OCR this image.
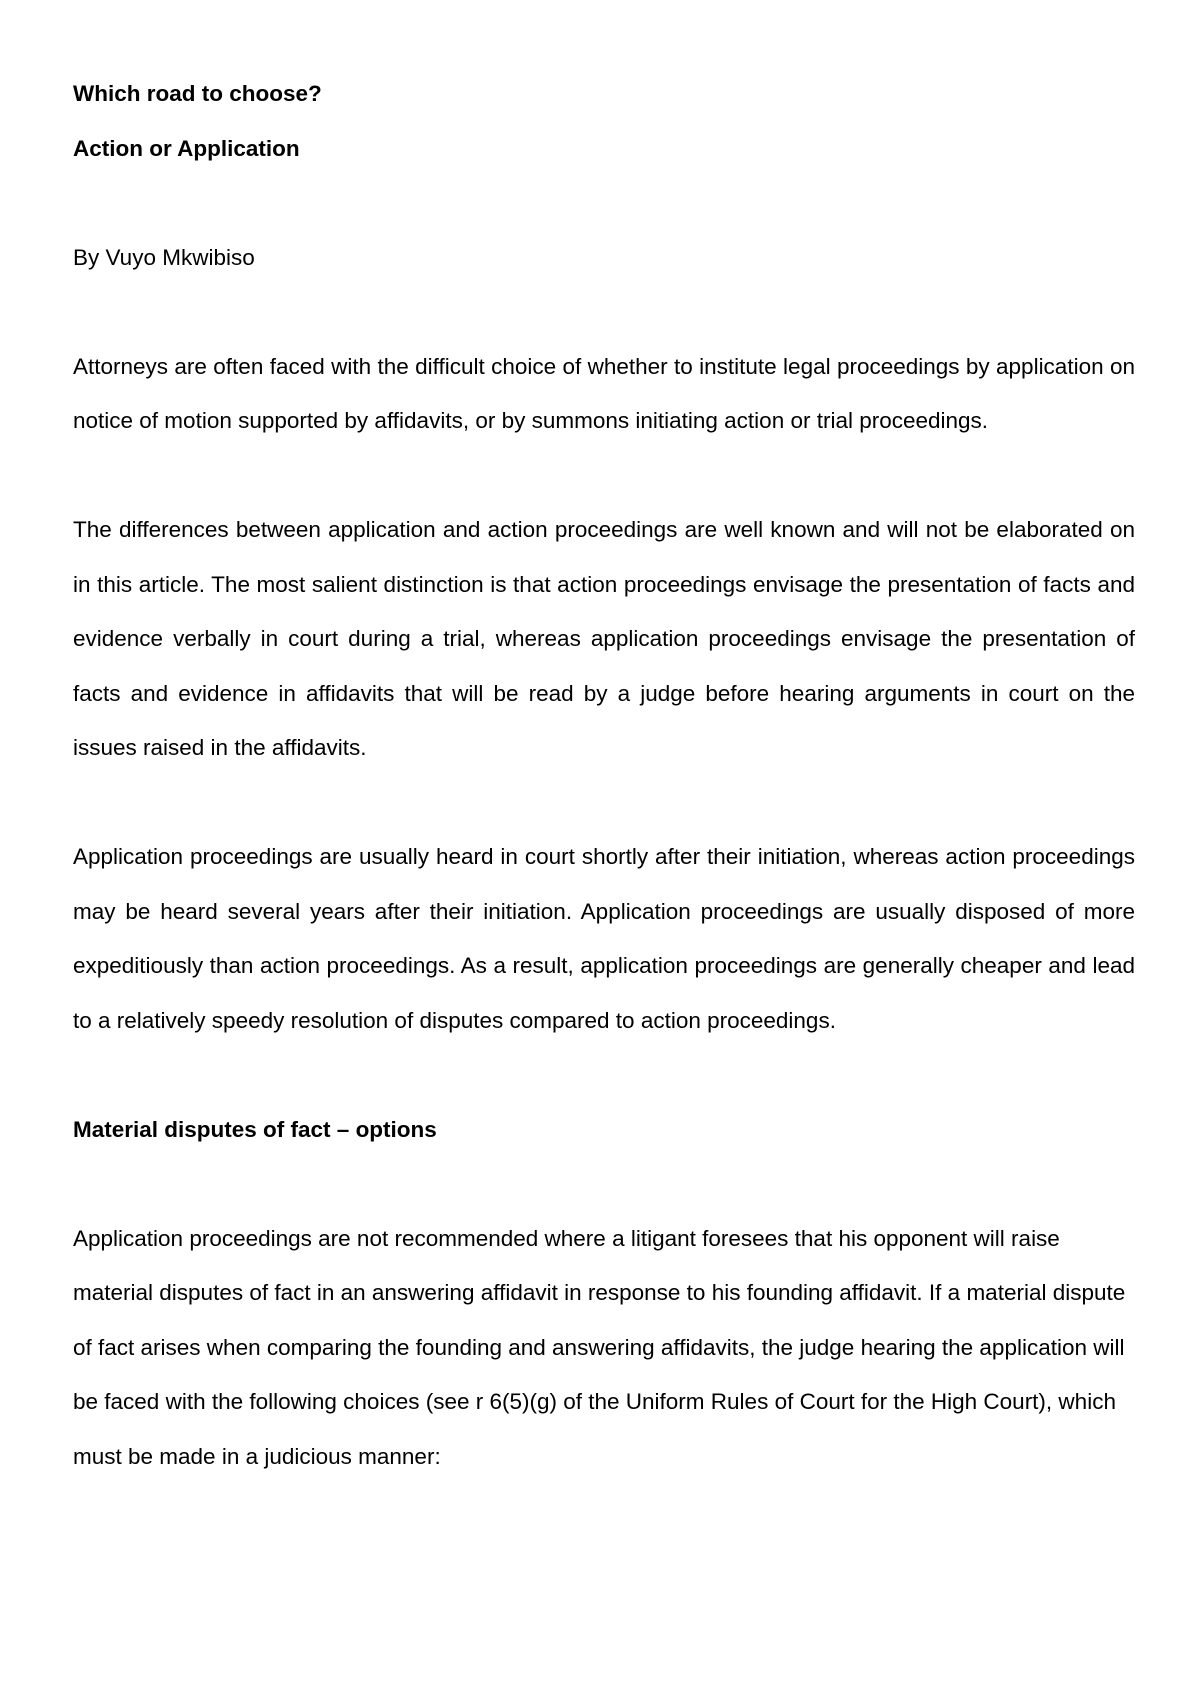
Which road to choose?

Action or Application

By Vuyo Mkwibiso

Attorneys are often faced with the difficult choice of whether to institute legal proceedings by application on notice of motion supported by affidavits, or by summons initiating action or trial proceedings.

The differences between application and action proceedings are well known and will not be elaborated on in this article. The most salient distinction is that action proceedings envisage the presentation of facts and evidence verbally in court during a trial, whereas application proceedings envisage the presentation of facts and evidence in affidavits that will be read by a judge before hearing arguments in court on the issues raised in the affidavits.

Application proceedings are usually heard in court shortly after their initiation, whereas action proceedings may be heard several years after their initiation. Application proceedings are usually disposed of more expeditiously than action proceedings. As a result, application proceedings are generally cheaper and lead to a relatively speedy resolution of disputes compared to action proceedings.

Material disputes of fact – options

Application proceedings are not recommended where a litigant foresees that his opponent will raise material disputes of fact in an answering affidavit in response to his founding affidavit. If a material dispute of fact arises when comparing the founding and answering affidavits, the judge hearing the application will be faced with the following choices (see r 6(5)(g) of the Uniform Rules of Court for the High Court), which must be made in a judicious manner:
